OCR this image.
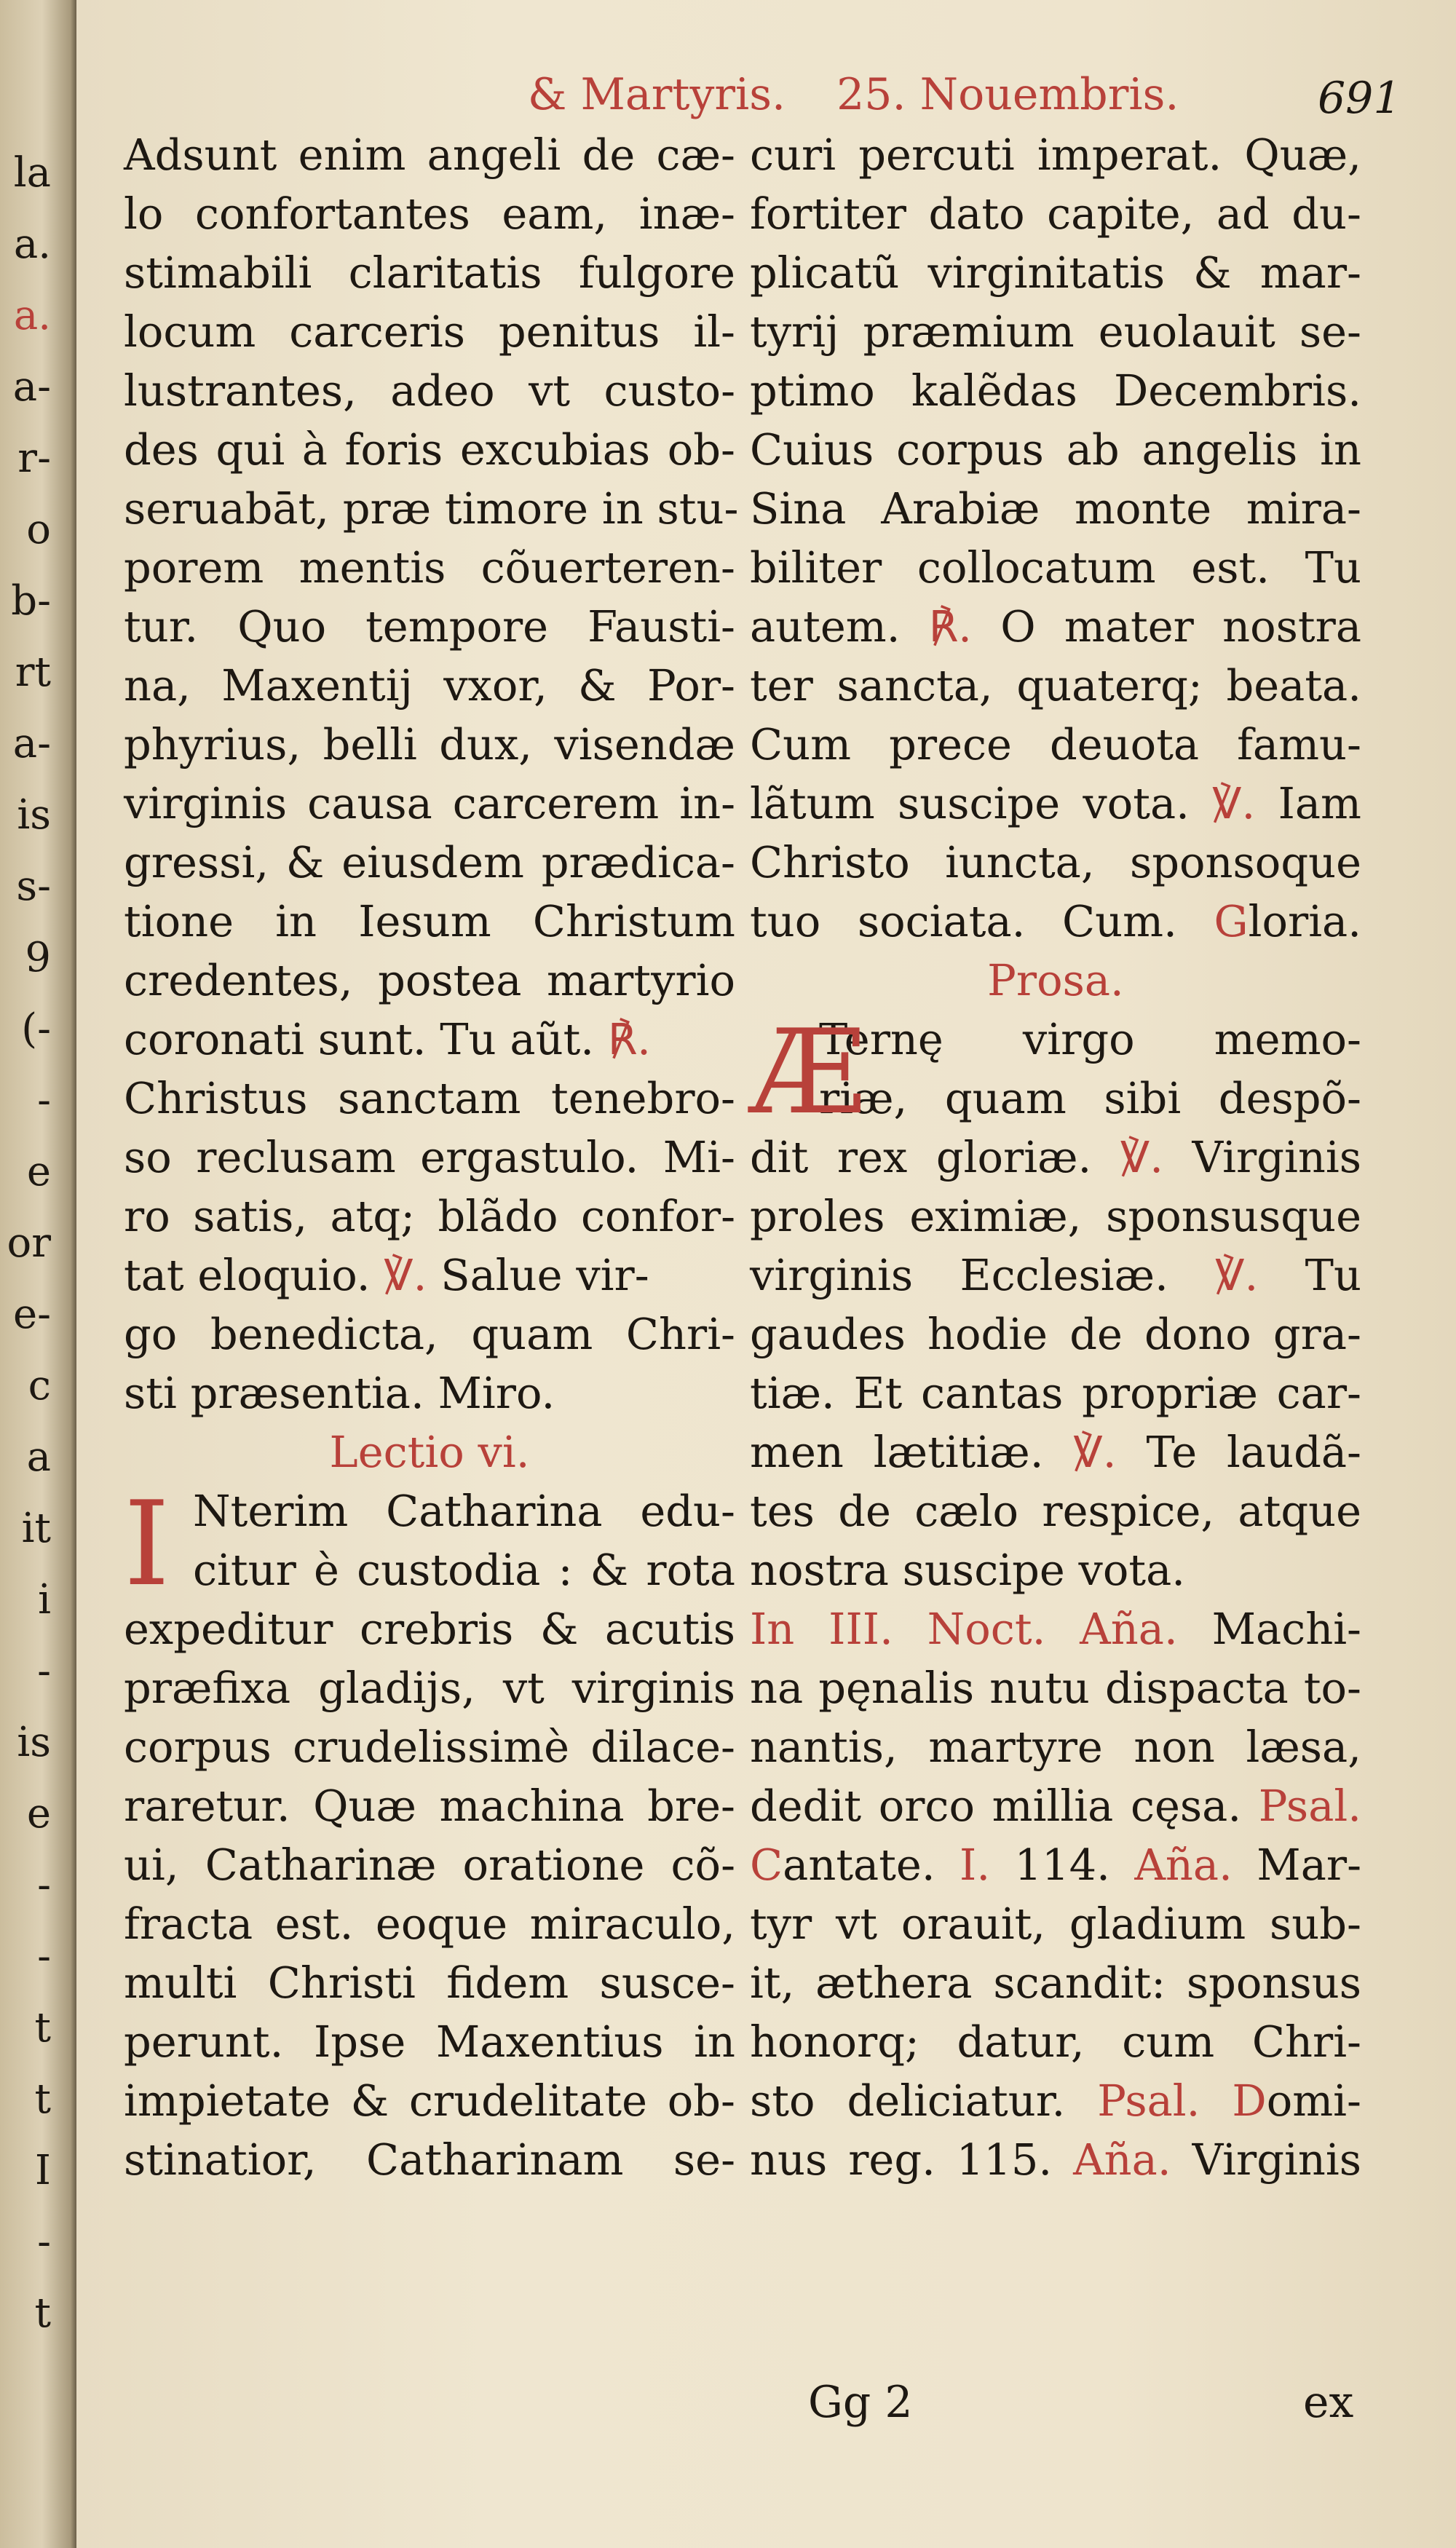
la
a.
a.
a-
r-
o
b-
rt
a-
is
s-
9
(-
-
e
or
e-
c
a
it
i
-
is
e
-
-
t
t
I
-
t
& Martyris. 25. Nouembris.	691
Adsunt enim angeli de cæ-
lo confortantes eam, inæ-
stimabili claritatis fulgore
locum carceris penitus il-
lustrantes, adeo vt custo-
des qui à foris excubias ob-
seruabāt, præ timore in stu-
porem mentis cõuerteren-
tur. Quo tempore Fausti-
na, Maxentij vxor, & Por-
phyrius, belli dux, visendæ
virginis causa carcerem in-
gressi, & eiusdem prædica-
tione in Iesum Christum
credentes, postea martyrio
coronati sunt. Tu aũt. ℟.
Christus sanctam tenebro-
so reclusam ergastulo. Mi-
ro satis, atq; blãdo confor-
tat eloquio. ℣. Salue vir-
go benedicta, quam Chri-
sti præsentia. Miro.
Lectio vi.
I Nterim Catharina edu-
citur è custodia : & rota
expeditur crebris & acutis
præfixa gladijs, vt virginis
corpus crudelissimè dilace-
raretur. Quæ machina bre-
ui, Catharinæ oratione cõ-
fracta est. eoque miraculo,
multi Christi fidem susce-
perunt. Ipse Maxentius in
impietate & crudelitate ob-
stinatior, Catharinam se-
curi percuti imperat. Quæ,
fortiter dato capite, ad du-
plicatũ virginitatis & mar-
tyrij præmium euolauit se-
ptimo kalẽdas Decembris.
Cuius corpus ab angelis in
Sina Arabiæ monte mira-
biliter collocatum est. Tu
autem. ℟. O mater nostra
ter sancta, quaterq; beata.
Cum prece deuota famu-
lãtum suscipe vota. ℣. Iam
Christo iuncta, sponsoque
tuo sociata. Cum. Gloria.
Prosa.
Æ
Ternę virgo memo-
riæ, quam sibi despõ-
dit rex gloriæ. ℣. Virginis
proles eximiæ, sponsusque
virginis Ecclesiæ. ℣. Tu
gaudes hodie de dono gra-
tiæ. Et cantas propriæ car-
men lætitiæ. ℣. Te laudã-
tes de cælo respice, atque
nostra suscipe vota.
In III. Noct. Aña. Machi-
na pęnalis nutu dispacta to-
nantis, martyre non læsa,
dedit orco millia cęsa. Psal.
Cantate. I. 114. Aña. Mar-
tyr vt orauit, gladium sub-
it, æthera scandit: sponsus
honorq; datur, cum Chri-
sto deliciatur. Psal. Domi-
nus reg. 115. Aña. Virginis
Gg 2	ex
